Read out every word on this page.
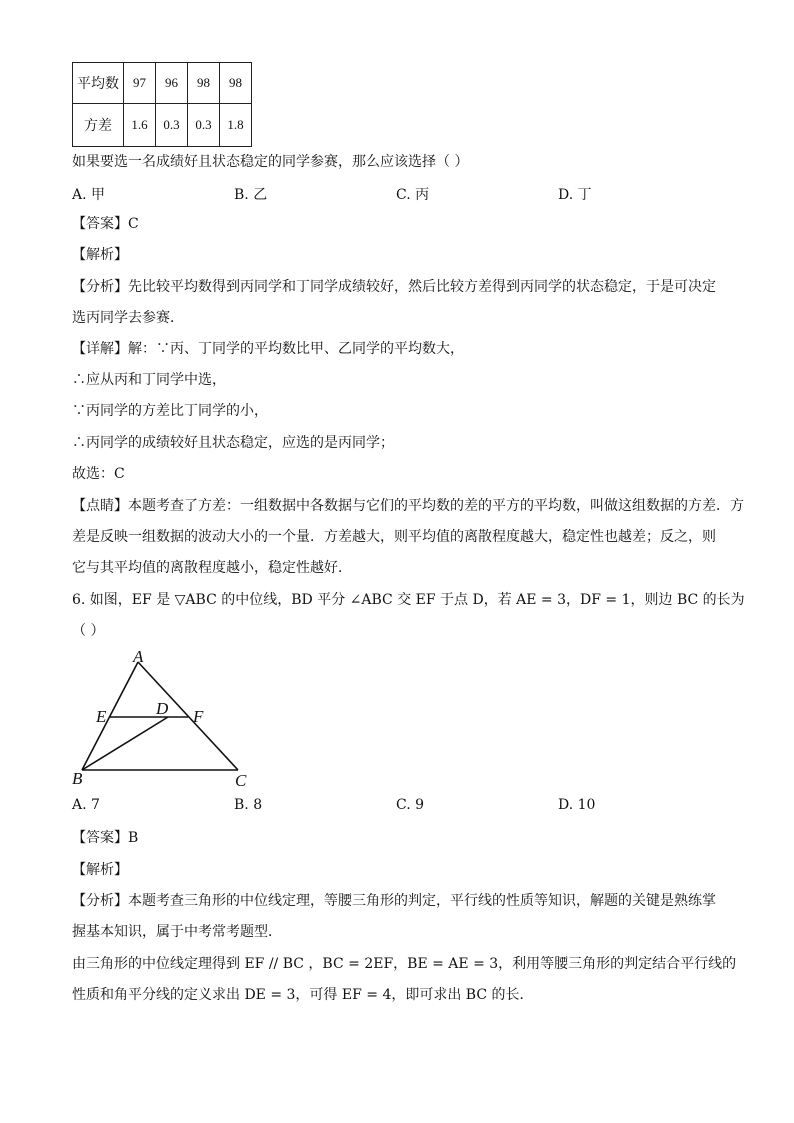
平均数	97	96	98	98
方差	1.6	0.3	0.3	1.8
如果要选一名成绩好且状态稳定的同学参赛，那么应该选择（ ）
A. 甲	B. 乙	C. 丙	D. 丁
【答案】C
【解析】
【分析】先比较平均数得到丙同学和丁同学成绩较好，然后比较方差得到丙同学的状态稳定，于是可决定
选丙同学去参赛．
【详解】解：∵丙、丁同学的平均数比甲、乙同学的平均数大，
∴应从丙和丁同学中选，
∵丙同学的方差比丁同学的小，
∴丙同学的成绩较好且状态稳定，应选的是丙同学；
故选：C
【点睛】本题考查了方差：一组数据中各数据与它们的平均数的差的平方的平均数，叫做这组数据的方差．方
差是反映一组数据的波动大小的一个量．方差越大，则平均值的离散程度越大，稳定性也越差；反之，则
它与其平均值的离散程度越小，稳定性越好．
6. 如图，EF 是 ▽ABC 的中位线，BD 平分 ∠ABC 交 EF 于点 D，若 AE = 3，DF = 1，则边 BC 的长为
（ ）
A
E	D F
B	C
A. 7	B. 8	C. 9	D. 10
【答案】B
【解析】
【分析】本题考查三角形的中位线定理，等腰三角形的判定，平行线的性质等知识，解题的关键是熟练掌
握基本知识，属于中考常考题型．
由三角形的中位线定理得到 EF // BC ，BC = 2EF，BE = AE = 3，利用等腰三角形的判定结合平行线的
性质和角平分线的定义求出 DE = 3，可得 EF = 4，即可求出 BC 的长．
